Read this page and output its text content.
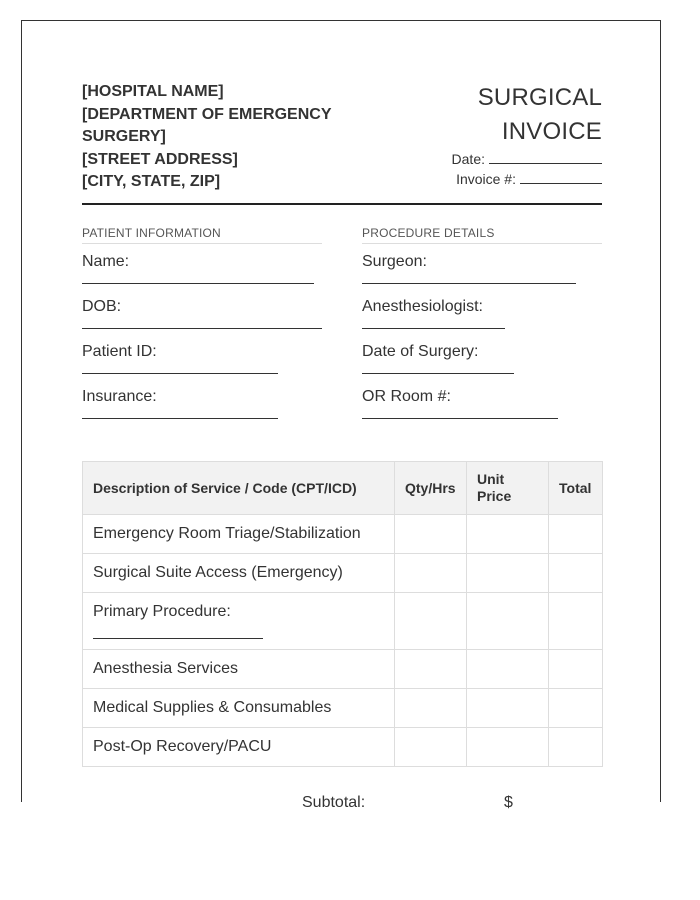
[HOSPITAL NAME]
[DEPARTMENT OF EMERGENCY
SURGERY]
[STREET ADDRESS]
[CITY, STATE, ZIP]
SURGICAL
INVOICE
Date:
Invoice #:
PATIENT INFORMATION
Name:
DOB:
Patient ID:
Insurance:
PROCEDURE DETAILS
Surgeon:
Anesthesiologist:
Date of Surgery:
OR Room #:
Description of Service / Code (CPT/ICD)	Qty/Hrs	Unit Price	Total
Emergency Room Triage/Stabilization			
Surgical Suite Access (Emergency)			
Primary Procedure:

Anesthesia Services			
Medical Supplies & Consumables			
Post-Op Recovery/PACU			
Subtotal:	$
